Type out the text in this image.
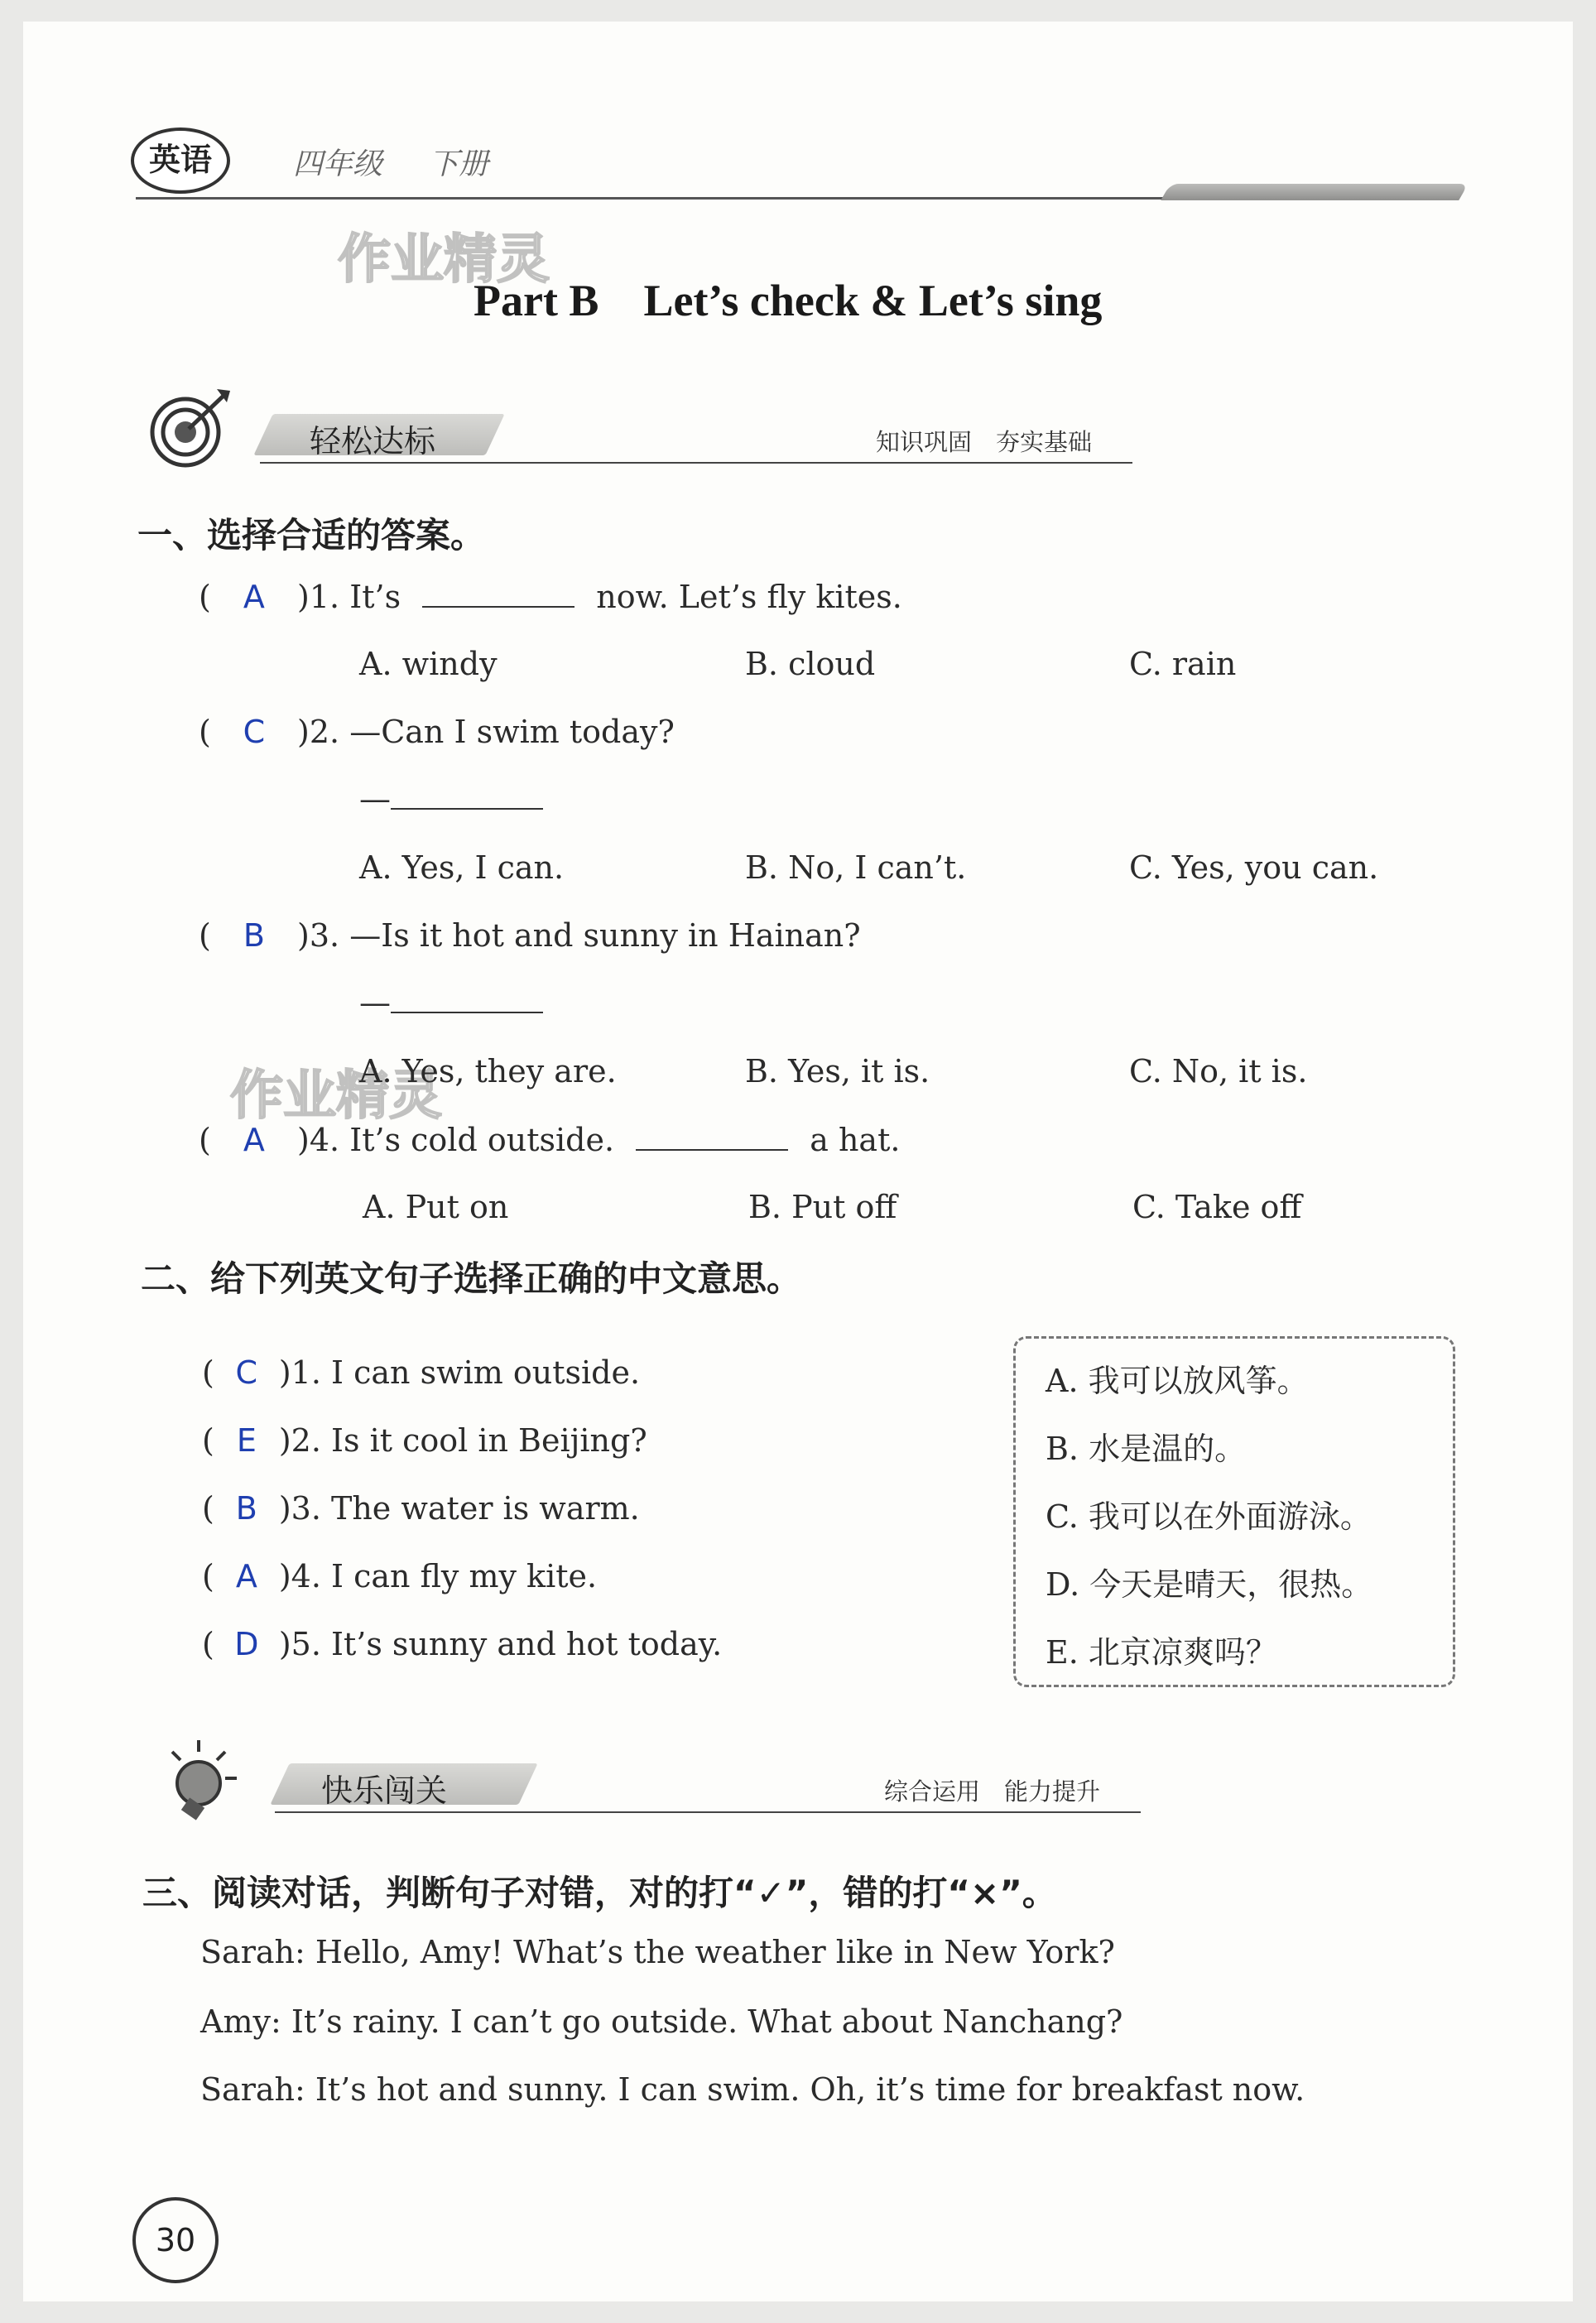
英语	四年级 下册
作业精灵
作业精灵
Part B    Let’s check & Let’s sing
轻松达标	知识巩固　夯实基础
一、选择合适的答案。
( A )1. It’s	now. Let’s fly kites.
A. windy	B. cloud	C. rain
( C )2. —Can I swim today?
—
A. Yes, I can.	B. No, I can’t.	C. Yes, you can.
( B )3. —Is it hot and sunny in Hainan?
—
A. Yes, they are.	B. Yes, it is.	C. No, it is.
( A )4. It’s cold outside.	a hat.
A. Put on	B. Put off	C. Take off
二、给下列英文句子选择正确的中文意思。
( C )1. I can swim outside.
( E )2. Is it cool in Beijing?
( B )3. The water is warm.
( A )4. I can fly my kite.
( D )5. It’s sunny and hot today.
A. 我可以放风筝。
B. 水是温的。
C. 我可以在外面游泳。
D. 今天是晴天，很热。
E. 北京凉爽吗？
快乐闯关	综合运用　能力提升
三、阅读对话，判断句子对错，对的打“✓”，错的打“×”。
Sarah: Hello, Amy! What’s the weather like in New York?
Amy: It’s rainy. I can’t go outside. What about Nanchang?
Sarah: It’s hot and sunny. I can swim. Oh, it’s time for breakfast now.
30
